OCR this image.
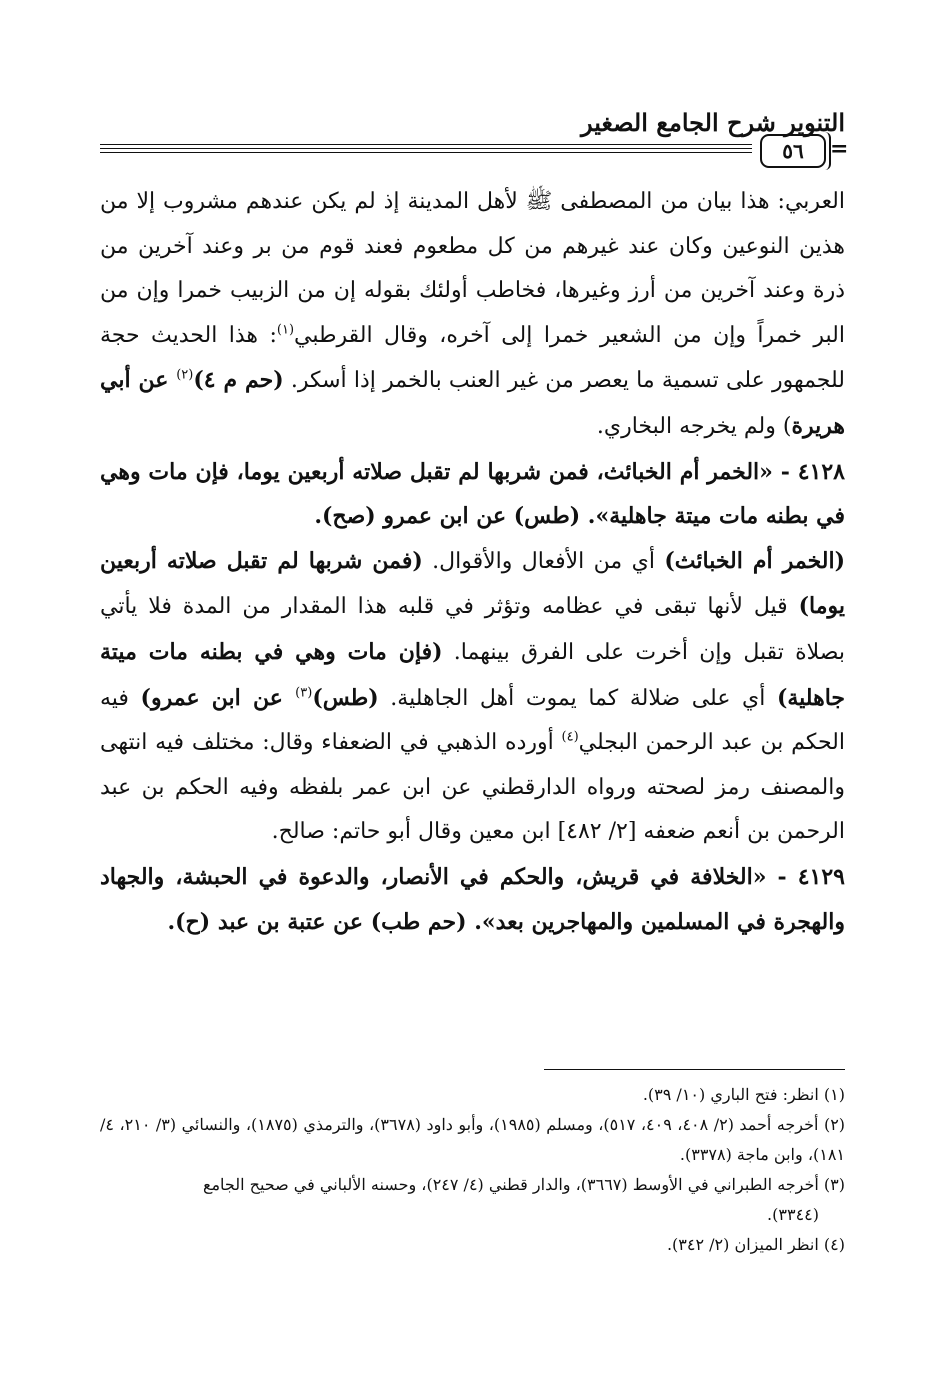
التنوير شرح الجامع الصغير
٥٦ =

العربي: هذا بيان من المصطفى ﷺ لأهل المدينة إذ لم يكن عندهم مشروب إلا من هذين النوعين وكان عند غيرهم من كل مطعوم فعند قوم من بر وعند آخرين من ذرة وعند آخرين من أرز وغيرها، فخاطب أولئك بقوله إن من الزبيب خمرا وإن من البر خمراً وإن من الشعير خمرا إلى آخره، وقال القرطبي$^{(١)}$: هذا الحديث حجة للجمهور على تسمية ما يعصر من غير العنب بالخمر إذا أسكر. (حم م ٤)$^{(٢)}$ عن أبي هريرة) ولم يخرجه البخاري.

٤١٢٨ - «الخمر أم الخبائث، فمن شربها لم تقبل صلاته أربعين يوما، فإن مات وهي في بطنه مات ميتة جاهلية». (طس) عن ابن عمرو (صح).

(الخمر أم الخبائث) أي من الأفعال والأقوال. (فمن شربها لم تقبل صلاته أربعين يوما) قيل لأنها تبقى في عظامه وتؤثر في قلبه هذا المقدار من المدة فلا يأتي بصلاة تقبل وإن أخرت على الفرق بينهما. (فإن مات وهي في بطنه مات ميتة جاهلية) أي على ضلالة كما يموت أهل الجاهلية. (طس)$^{(٣)}$ عن ابن عمرو) فيه الحكم بن عبد الرحمن البجلي$^{(٤)}$ أورده الذهبي في الضعفاء وقال: مختلف فيه انتهى والمصنف رمز لصحته ورواه الدارقطني عن ابن عمر بلفظه وفيه الحكم بن عبد الرحمن بن أنعم ضعفه [٢/ ٤٨٢] ابن معين وقال أبو حاتم: صالح.

٤١٢٩ - «الخلافة في قريش، والحكم في الأنصار، والدعوة في الحبشة، والجهاد والهجرة في المسلمين والمهاجرين بعد». (حم طب) عن عتبة بن عبد (ح).

(١) انظر: فتح الباري (١٠/ ٣٩).

(٢) أخرجه أحمد (٢/ ٤٠٨، ٤٠٩، ٥١٧)، ومسلم (١٩٨٥)، وأبو داود (٣٦٧٨)، والترمذي (١٨٧٥)، والنسائي (٣/ ٢١٠، ٤/ ١٨١)، وابن ماجة (٣٣٧٨).

(٣) أخرجه الطبراني في الأوسط (٣٦٦٧)، والدار قطني (٤/ ٢٤٧)، وحسنه الألباني في صحيح الجامع

(٣٣٤٤).

(٤) انظر الميزان (٢/ ٣٤٢).
